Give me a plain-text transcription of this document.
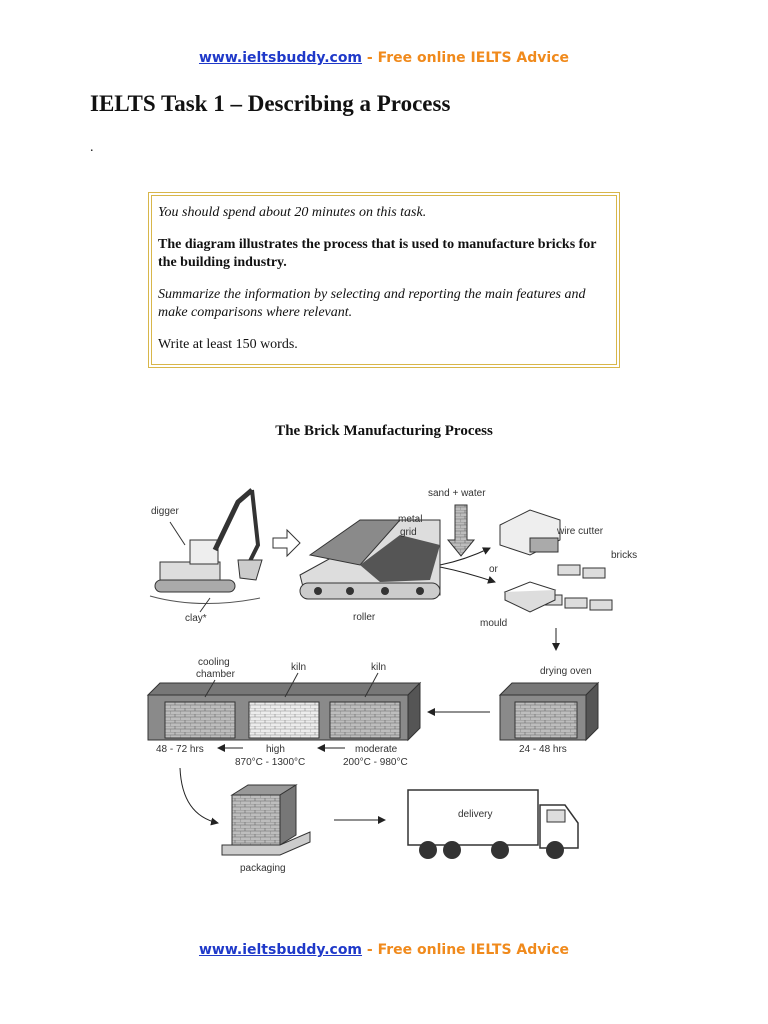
www.ieltsbuddy.com - Free online IELTS Advice
IELTS Task 1 – Describing a Process
.

You should spend about 20 minutes on this task.

The diagram illustrates the process that is used to manufacture bricks for the building industry.

Summarize the information by selecting and reporting the main features and make comparisons where relevant.

Write at least 150 words.

The Brick Manufacturing Process
digger
clay*
metal
grid
roller
sand + water
or
wire cutter
bricks
mould
cooling
chamber
kiln	kiln	drying oven
48 - 72 hrs	high
870°C - 1300°C
moderate
200°C - 980°C
24 - 48 hrs
packaging
delivery
www.ieltsbuddy.com - Free online IELTS Advice
